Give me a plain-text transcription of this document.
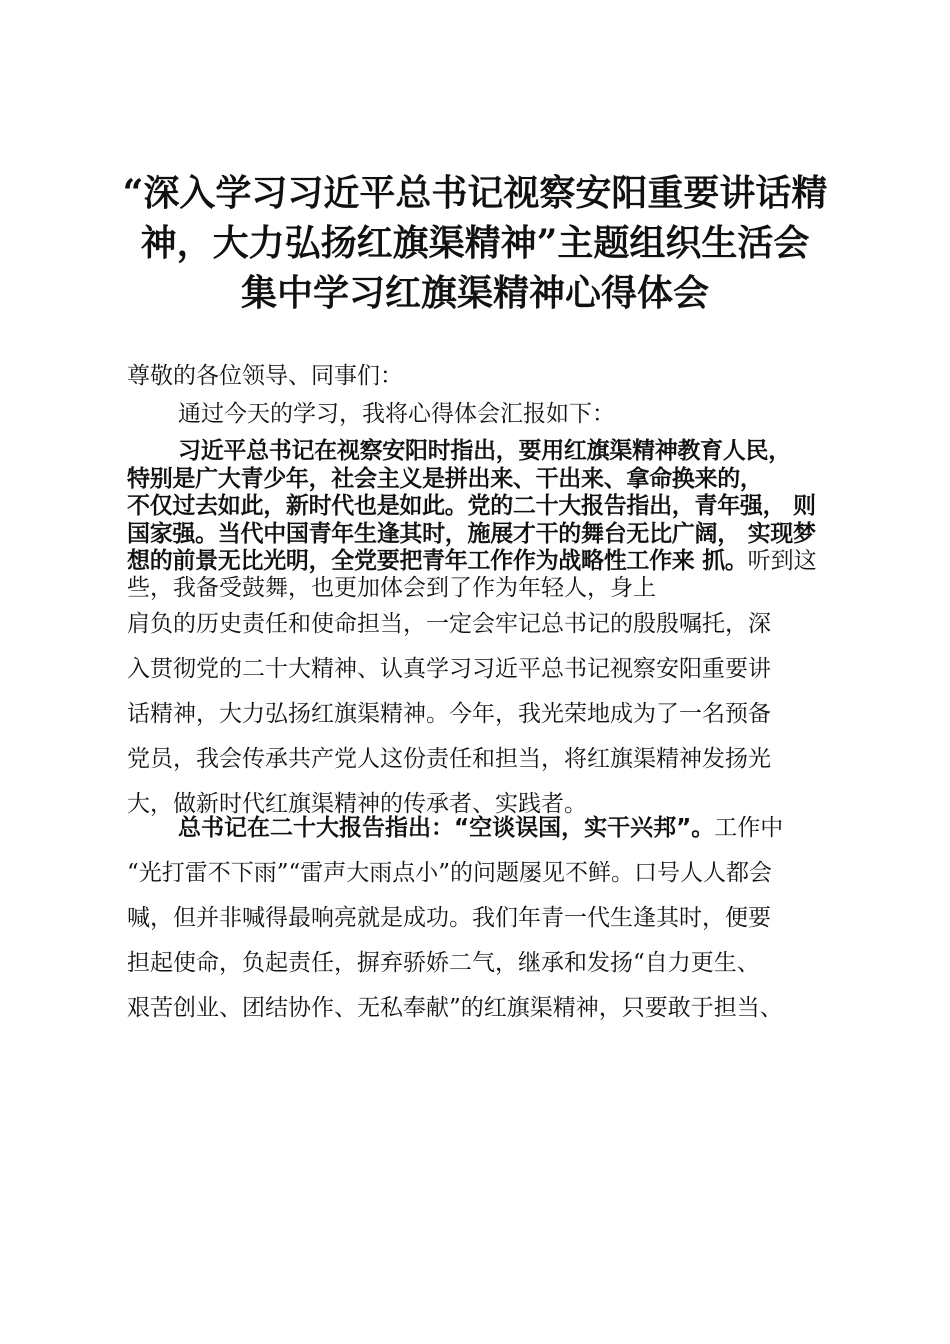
“深入学习习近平总书记视察安阳重要讲话精
神，大力弘扬红旗渠精神”主题组织生活会
集中学习红旗渠精神心得体会
尊敬的各位领导、同事们：
通过今天的学习，我将心得体会汇报如下：
习近平总书记在视察安阳时指出，要用红旗渠精神教育人民，
特别是广大青少年，社会主义是拼出来、干出来、拿命换来的，
不仅过去如此，新时代也是如此。党的二十大报告指出，青年强， 则
国家强。当代中国青年生逢其时，施展才干的舞台无比广阔， 实现梦
想的前景无比光明，全党要把青年工作作为战略性工作来 抓。听到这
些，我备受鼓舞，也更加体会到了作为年轻人，身上
肩负的历史责任和使命担当，一定会牢记总书记的殷殷嘱托，深
入贯彻党的二十大精神、认真学习习近平总书记视察安阳重要讲
话精神，大力弘扬红旗渠精神。今年，我光荣地成为了一名预备
党员，我会传承共产党人这份责任和担当，将红旗渠精神发扬光
大，做新时代红旗渠精神的传承者、实践者。
总书记在二十大报告指出：“空谈误国，实干兴邦”。工作中
“光打雷不下雨”“雷声大雨点小”的问题屡见不鲜。口号人人都会
喊，但并非喊得最响亮就是成功。我们年青一代生逢其时，便要
担起使命，负起责任，摒弃骄娇二气，继承和发扬“自力更生、
艰苦创业、团结协作、无私奉献”的红旗渠精神，只要敢于担当、
